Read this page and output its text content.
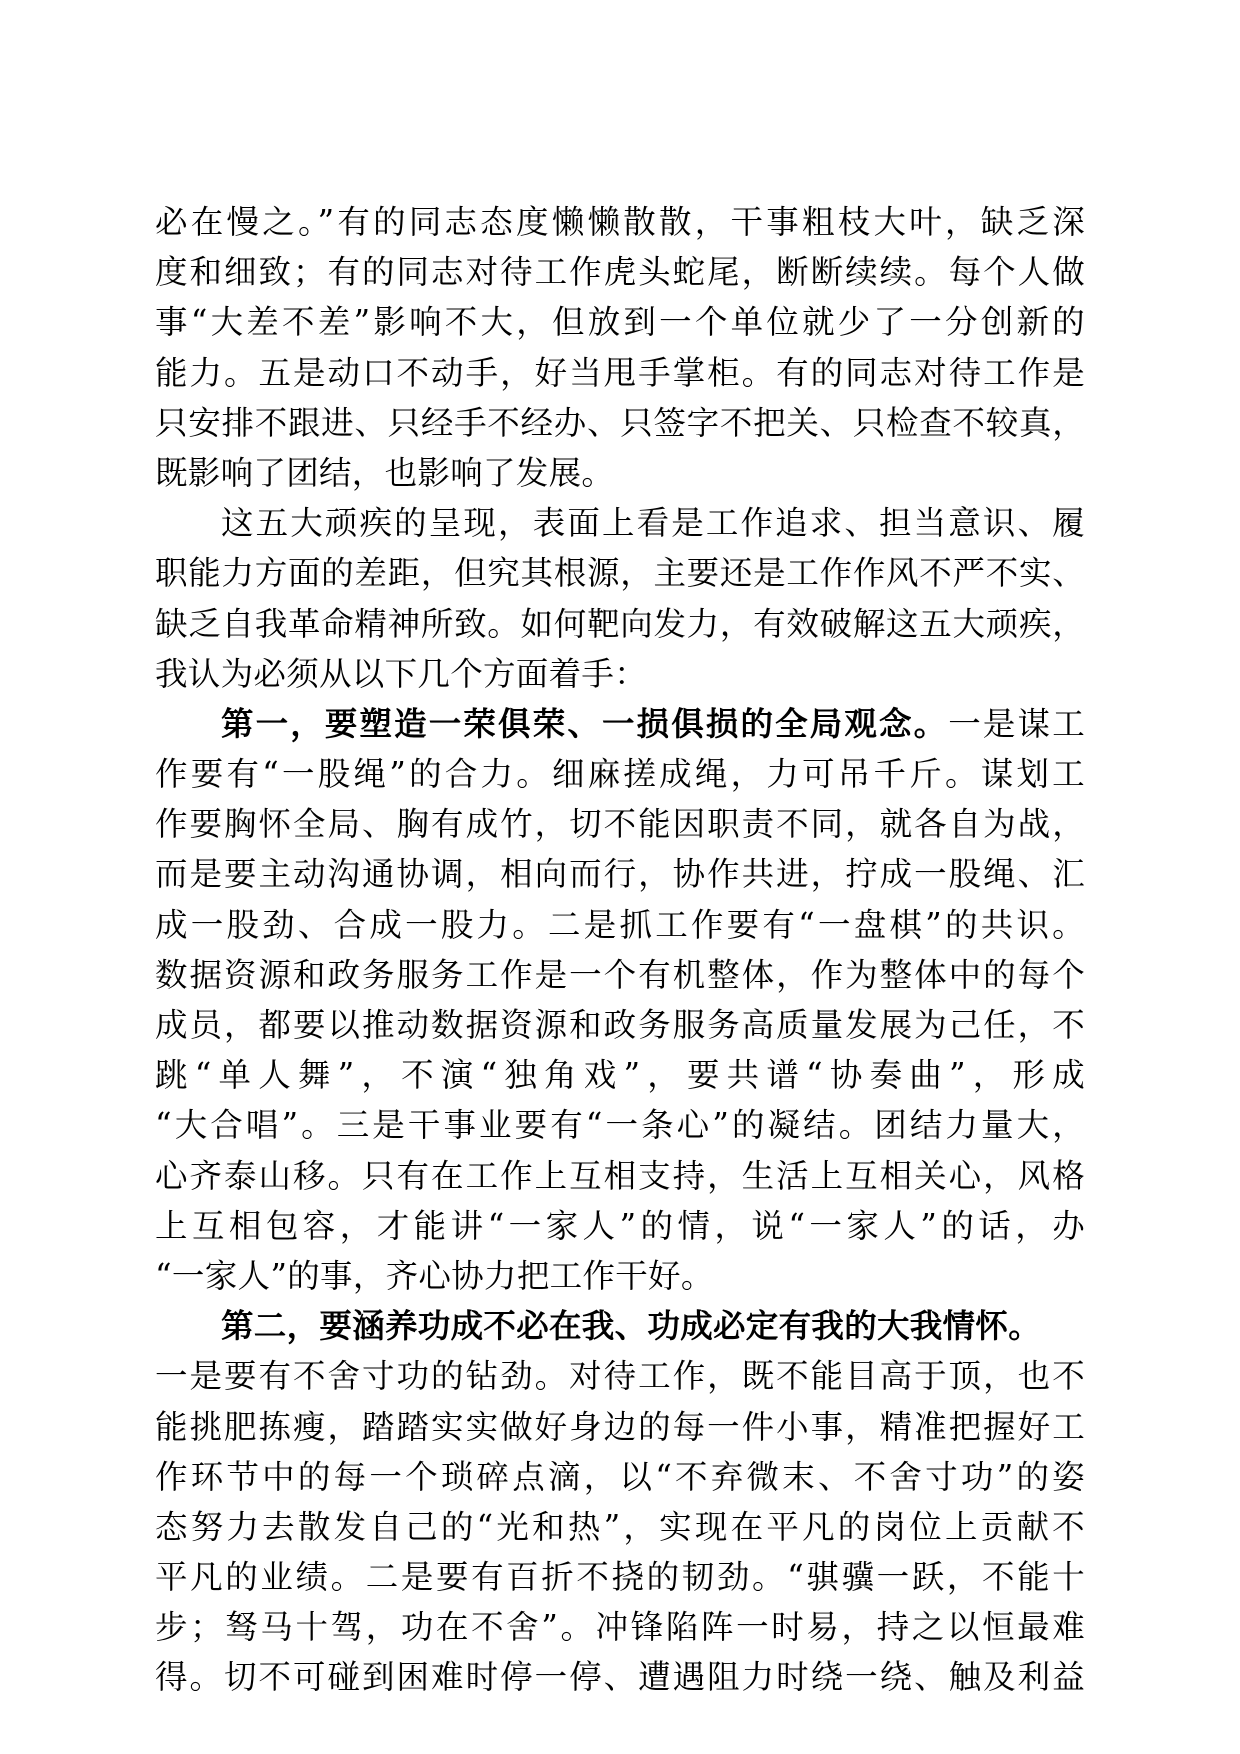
必在慢之。”有的同志态度懒懒散散，干事粗枝大叶，缺乏深
度和细致；有的同志对待工作虎头蛇尾，断断续续。每个人做
事“大差不差”影响不大，但放到一个单位就少了一分创新的
能力。五是动口不动手，好当甩手掌柜。有的同志对待工作是
只安排不跟进、只经手不经办、只签字不把关、只检查不较真，
既影响了团结，也影响了发展。
这五大顽疾的呈现，表面上看是工作追求、担当意识、履
职能力方面的差距，但究其根源，主要还是工作作风不严不实、
缺乏自我革命精神所致。如何靶向发力，有效破解这五大顽疾，
我认为必须从以下几个方面着手：
第一，要塑造一荣俱荣、一损俱损的全局观念。一是谋工
作要有“一股绳”的合力。细麻搓成绳，力可吊千斤。谋划工
作要胸怀全局、胸有成竹，切不能因职责不同，就各自为战，
而是要主动沟通协调，相向而行，协作共进，拧成一股绳、汇
成一股劲、合成一股力。二是抓工作要有“一盘棋”的共识。
数据资源和政务服务工作是一个有机整体，作为整体中的每个
成员，都要以推动数据资源和政务服务高质量发展为己任，不
跳“单人舞”，不演“独角戏”，要共谱“协奏曲”，形成
“大合唱”。三是干事业要有“一条心”的凝结。团结力量大，
心齐泰山移。只有在工作上互相支持，生活上互相关心，风格
上互相包容，才能讲“一家人”的情，说“一家人”的话，办
“一家人”的事，齐心协力把工作干好。
第二，要涵养功成不必在我、功成必定有我的大我情怀。
一是要有不舍寸功的钻劲。对待工作，既不能目高于顶，也不
能挑肥拣瘦，踏踏实实做好身边的每一件小事，精准把握好工
作环节中的每一个琐碎点滴，以“不弃微末、不舍寸功”的姿
态努力去散发自己的“光和热”，实现在平凡的岗位上贡献不
平凡的业绩。二是要有百折不挠的韧劲。“骐骥一跃，不能十
步；驽马十驾，功在不舍”。冲锋陷阵一时易，持之以恒最难
得。切不可碰到困难时停一停、遭遇阻力时绕一绕、触及利益
